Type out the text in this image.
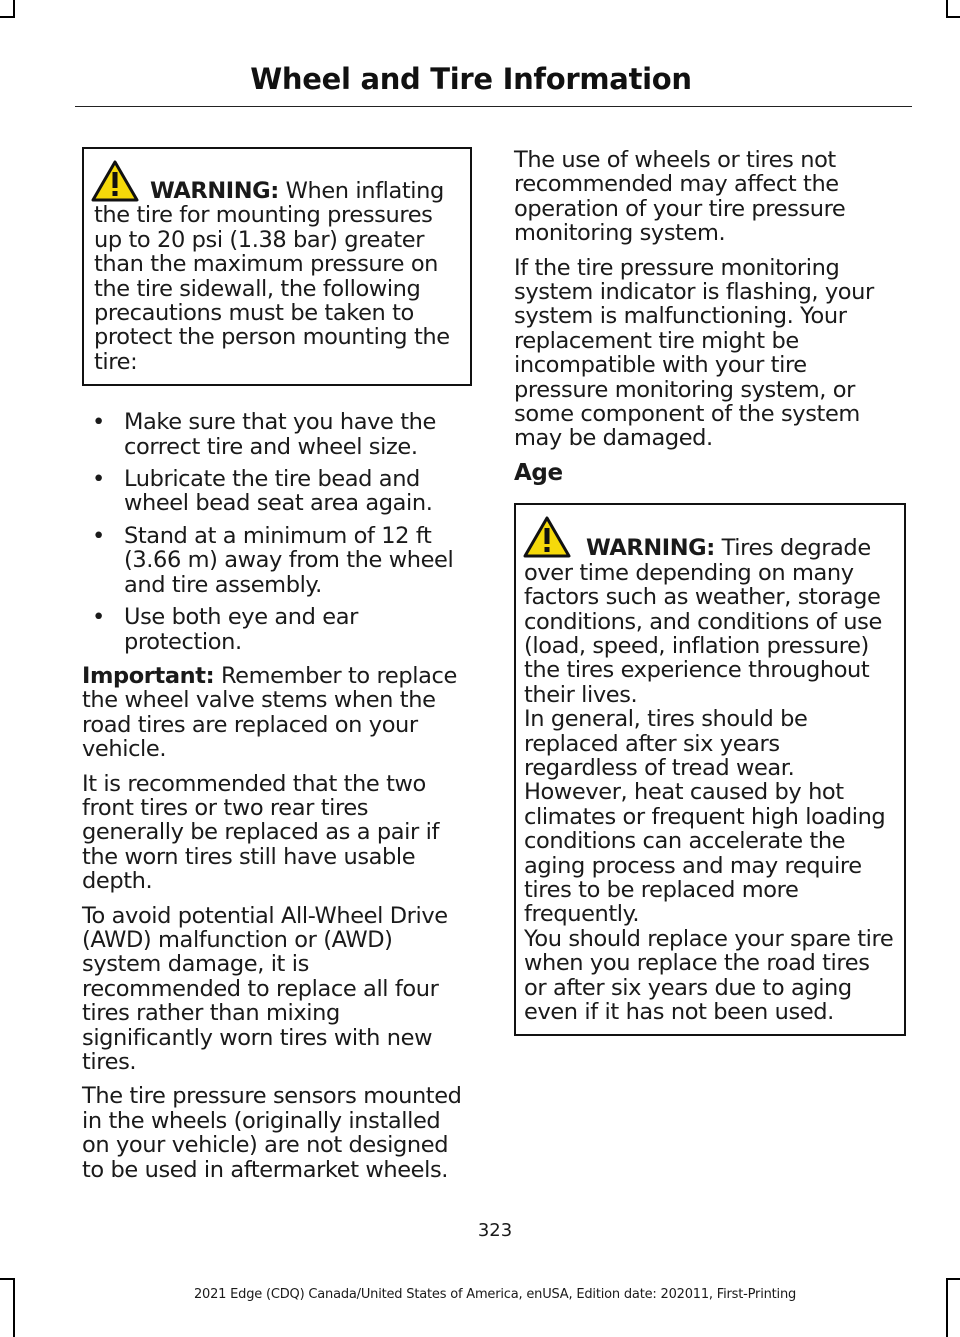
Wheel and Tire Information
WARNING: When inflating the tire for mounting pressures up to 20 psi (1.38 bar) greater than the maximum pressure on the tire sidewall, the following precautions must be taken to protect the person mounting the tire:
• Make sure that you have the correct tire and wheel size.
• Lubricate the tire bead and wheel bead seat area again.
• Stand at a minimum of 12 ft (3.66 m) away from the wheel and tire assembly.
• Use both eye and ear protection.

Important: Remember to replace the wheel valve stems when the road tires are replaced on your vehicle.

It is recommended that the two front tires or two rear tires generally be replaced as a pair if the worn tires still have usable depth.

To avoid potential All-Wheel Drive (AWD) malfunction or (AWD) system damage, it is recommended to replace all four tires rather than mixing significantly worn tires with new tires.

The tire pressure sensors mounted in the wheels (originally installed on your vehicle) are not designed to be used in aftermarket wheels.

The use of wheels or tires not recommended may affect the operation of your tire pressure monitoring system.

If the tire pressure monitoring system indicator is flashing, your system is malfunctioning. Your replacement tire might be incompatible with your tire pressure monitoring system, or some component of the system may be damaged.

Age
WARNING: Tires degrade over time depending on many factors such as weather, storage conditions, and conditions of use (load, speed, inflation pressure) the tires experience throughout their lives.
In general, tires should be replaced after six years regardless of tread wear. However, heat caused by hot climates or frequent high loading conditions can accelerate the aging process and may require tires to be replaced more frequently.
You should replace your spare tire when you replace the road tires or after six years due to aging even if it has not been used.
323
2021 Edge (CDQ) Canada/United States of America, enUSA, Edition date: 202011, First-Printing
